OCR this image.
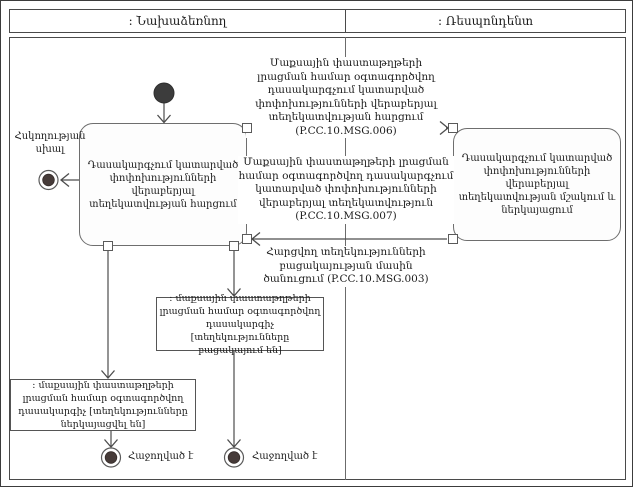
: Նախաձեռնող	: Ռեսպոնդենտ
Դասակարգչում կատարված փոփոխությունների վերաբերյալ տեղեկատվության հարցում
Դասակարգչում կատարված փոփոխությունների վերաբերյալ տեղեկատվության մշակում և ներկայացում
: մաքսային փաստաթղթերի լրացման համար օգտագործվող դասակարգիչ [տեղեկությունները բացակայում են]
: մաքսային փաստաթղթերի լրացման համար օգտագործվող դասակարգիչ [տեղեկությունները ներկայացվել են]
Մաքսային փաստաթղթերի լրացման համար օգտագործվող դասակարգչում կատարված փոփոխությունների վերաբերյալ տեղեկատվության հարցում (P.CC.10.MSG.006)
Մաքսային փաստաթղթերի լրացման համար օգտագործվող դասակարգչում կատարված փոփոխությունների վերաբերյալ տեղեկատվություն (P.CC.10.MSG.007)
Հարցվող տեղեկությունների բացակայության մասին ծանուցում (P.CC.10.MSG.003)
Հսկողության սխալ
Հաջողված է	Հաջողված է
